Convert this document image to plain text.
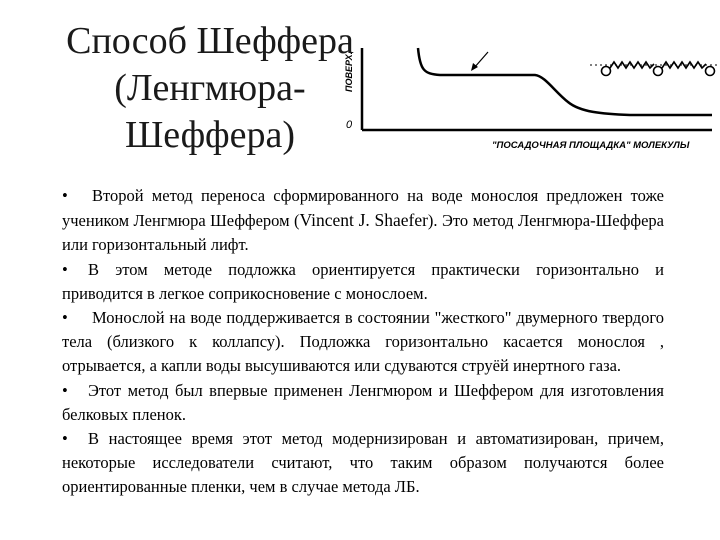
Способ Шеффера
(Ленгмюра-
Шеффера)
ПОВЕРХ.
0
"ПОСАДОЧНАЯ ПЛОЩАДКА" МОЛЕКУЛЫ

• Второй метод переноса сформированного на воде монослоя предложен тоже учеником Ленгмюра Шеффером (Vincent J. Shaefer). Это метод Ленгмюра-Шеффера или горизонтальный лифт.

• В этом методе подложка ориентируется практически горизонтально и приводится в легкое соприкосновение с монослоем.

• Монослой на воде поддерживается в состоянии "жесткого" двумерного твердого тела (близкого к коллапсу). Подложка горизонтально касается монослоя , отрывается, а капли воды высушиваются или сдуваются струёй инертного газа.

• Этот метод был впервые применен Ленгмюром и Шеффером для изготовления белковых пленок.

• В настоящее время этот метод модернизирован и автоматизирован, причем, некоторые исследователи считают, что таким образом получаются более ориентированные пленки, чем в случае метода ЛБ.
